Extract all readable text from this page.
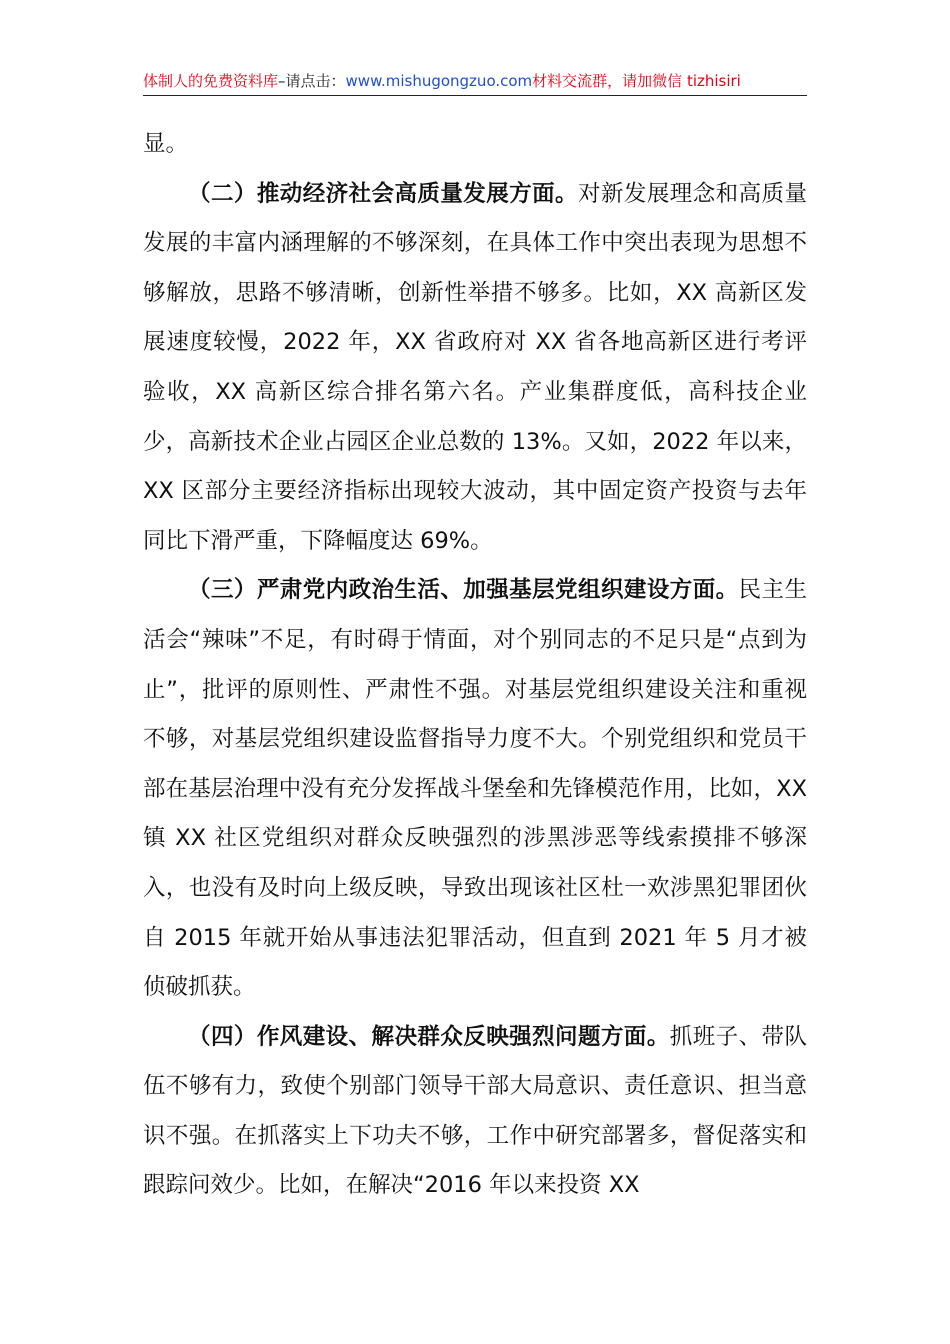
体制人的免费资料库–请点击：www.mishugongzuo.com材料交流群，请加微信 tizhisiri

显。

（二）推动经济社会高质量发展方面。对新发展理念和高质量发展的丰富内涵理解的不够深刻，在具体工作中突出表现为思想不够解放，思路不够清晰，创新性举措不够多。比如，XX 高新区发展速度较慢，2022 年，XX 省政府对 XX 省各地高新区进行考评验收，XX 高新区综合排名第六名。产业集群度低，高科技企业少，高新技术企业占园区企业总数的 13%。又如，2022 年以来，XX 区部分主要经济指标出现较大波动，其中固定资产投资与去年同比下滑严重，下降幅度达 69%。

（三）严肃党内政治生活、加强基层党组织建设方面。民主生活会“辣味”不足，有时碍于情面，对个别同志的不足只是“点到为止”，批评的原则性、严肃性不强。对基层党组织建设关注和重视不够，对基层党组织建设监督指导力度不大。个别党组织和党员干部在基层治理中没有充分发挥战斗堡垒和先锋模范作用，比如，XX 镇 XX 社区党组织对群众反映强烈的涉黑涉恶等线索摸排不够深入，也没有及时向上级反映，导致出现该社区杜一欢涉黑犯罪团伙自 2015 年就开始从事违法犯罪活动，但直到 2021 年 5 月才被侦破抓获。

（四）作风建设、解决群众反映强烈问题方面。抓班子、带队伍不够有力，致使个别部门领导干部大局意识、责任意识、担当意识不强。在抓落实上下功夫不够，工作中研究部署多，督促落实和跟踪问效少。比如，在解决“2016 年以来投资 XX
